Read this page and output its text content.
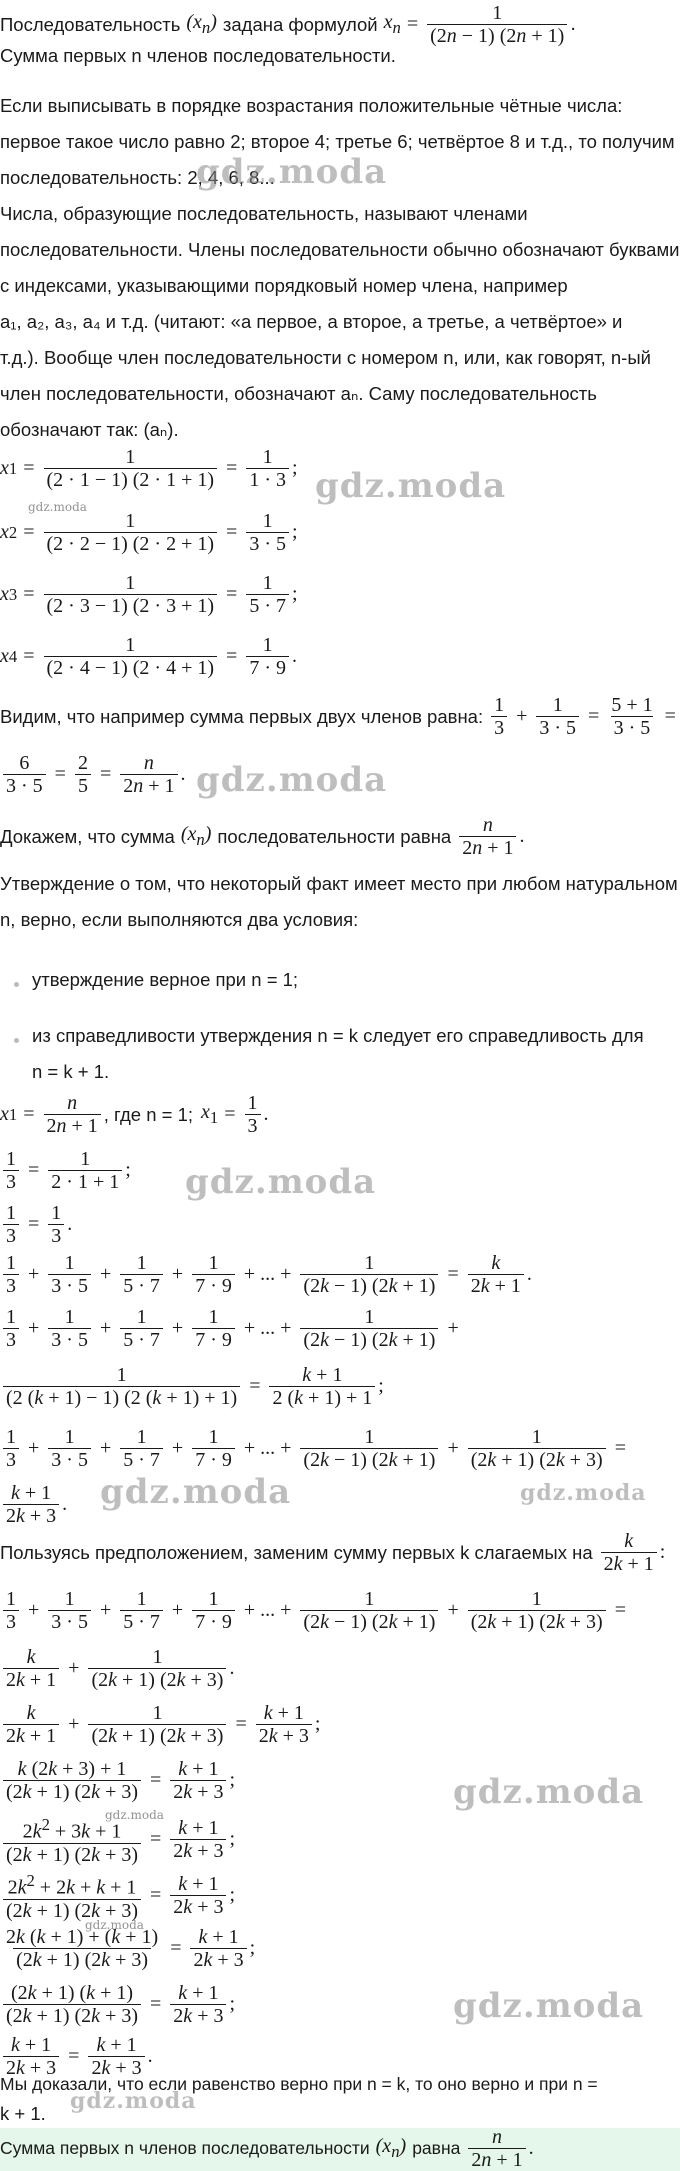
Последовательность $(x_n)$ задана формулой $x_n = \frac{1}{(2n - 1) (2n + 1)}$ .
Сумма первых n членов последовательности.
Если выписывать в порядке возрастания положительные чётные числа:
первое такое число равно 2; второе 4; третье 6; четвёртое 8 и т.д., то получим
последовательность: 2, 4, 6, 8...
gdz.moda
Числа, образующие последовательность, называют членами
последовательности. Члены последовательности обычно обозначают буквами
с индексами, указывающими порядковый номер члена, например
a₁, a₂, a₃, a₄ и т.д. (читают: «a первое, a второе, a третье, a четвёртое» и
т.д.). Вообще член последовательности с номером n, или, как говорят, n-ый
член последовательности, обозначают aₙ. Саму последовательность
обозначают так: (aₙ).
x $1 = \frac{1}{(2 \cdot 1 - 1) (2 \cdot 1 + 1)} = \frac{1}{1 \cdot 3}$ ; gdz.moda
gdz.moda
x $2 = \frac{1}{(2 \cdot 2 - 1) (2 \cdot 2 + 1)} = \frac{1}{3 \cdot 5}$ ;
x $3 = \frac{1}{(2 \cdot 3 - 1) (2 \cdot 3 + 1)} = \frac{1}{5 \cdot 7}$ ;
x $4 = \frac{1}{(2 \cdot 4 - 1) (2 \cdot 4 + 1)} = \frac{1}{7 \cdot 9}$ .
Видим, что например сумма первых двух членов равна: $\frac{1}{3} + \frac{1}{3 \cdot 5} = \frac{5 + 1}{3 \cdot 5}$ =
$\frac{6}{3 \cdot 5} = \frac{2}{5} = \frac{n}{2n + 1}$ . gdz.moda
Докажем, что сумма $(x_n)$ последовательности равна $\frac{n}{2n + 1}$ .
Утверждение о том, что некоторый факт имеет место при любом натуральном
n, верно, если выполняются два условия:
утверждение верное при n = 1;
из справедливости утверждения n = k следует его справедливость для
n = k + 1.
x $1 = \frac{n}{2n + 1}$ , где n = 1; $x_1 = \frac{1}{3}$ .
$\frac{1}{3} = \frac{1}{2 \cdot 1 + 1}$ ; gdz.moda
$\frac{1}{3} = \frac{1}{3}$ .
$\frac{1}{3} + \frac{1}{3 \cdot 5} + \frac{1}{5 \cdot 7} + \frac{1}{7 \cdot 9}$ + ... + $\frac{1}{(2k - 1) (2k + 1)} = \frac{k}{2k + 1}$ .
$\frac{1}{3} + \frac{1}{3 \cdot 5} + \frac{1}{5 \cdot 7} + \frac{1}{7 \cdot 9}$ + ... + $\frac{1}{(2k - 1) (2k + 1)}$ +
$\frac{1}{(2 (k + 1) - 1) (2 (k + 1) + 1)} = \frac{k + 1}{2 (k + 1) + 1}$ ;
$\frac{1}{3} + \frac{1}{3 \cdot 5} + \frac{1}{5 \cdot 7} + \frac{1}{7 \cdot 9}$ + ... + $\frac{1}{(2k - 1) (2k + 1)} + \frac{1}{(2k + 1) (2k + 3)}$ =
$\frac{k + 1}{2k + 3}$ . gdz.moda	gdz.moda
Пользуясь предположением, заменим сумму первых k слагаемых на $\frac{k}{2k + 1}$ :
$\frac{1}{3} + \frac{1}{3 \cdot 5} + \frac{1}{5 \cdot 7} + \frac{1}{7 \cdot 9}$ + ... + $\frac{1}{(2k - 1) (2k + 1)} + \frac{1}{(2k + 1) (2k + 3)}$ =
$\frac{k}{2k + 1} + \frac{1}{(2k + 1) (2k + 3)}$ .
$\frac{k}{2k + 1} + \frac{1}{(2k + 1) (2k + 3)} = \frac{k + 1}{2k + 3}$ ;
$\frac{k (2k + 3) + 1}{(2k + 1) (2k + 3)} = \frac{k + 1}{2k + 3}$ ;	gdz.moda
gdz.moda
$\frac{2k^2 + 3k + 1}{(2k + 1) (2k + 3)} = \frac{k + 1}{2k + 3}$ ;
$\frac{2k^2 + 2k + k + 1}{(2k + 1) (2k + 3)} = \frac{k + 1}{2k + 3}$ ;
gdz.moda
$\frac{2k (k + 1) + (k + 1)}{(2k + 1) (2k + 3)} = \frac{k + 1}{2k + 3}$ ;
$\frac{(2k + 1) (k + 1)}{(2k + 1) (2k + 3)} = \frac{k + 1}{2k + 3}$ ;	gdz.moda
$\frac{k + 1}{2k + 3} = \frac{k + 1}{2k + 3}$ .
Мы доказали, что если равенство верно при n = k, то оно верно и при n =
k + 1.	gdz.moda
Сумма первых n членов последовательности $(x_n)$ равна $\frac{n}{2n + 1}$ .
